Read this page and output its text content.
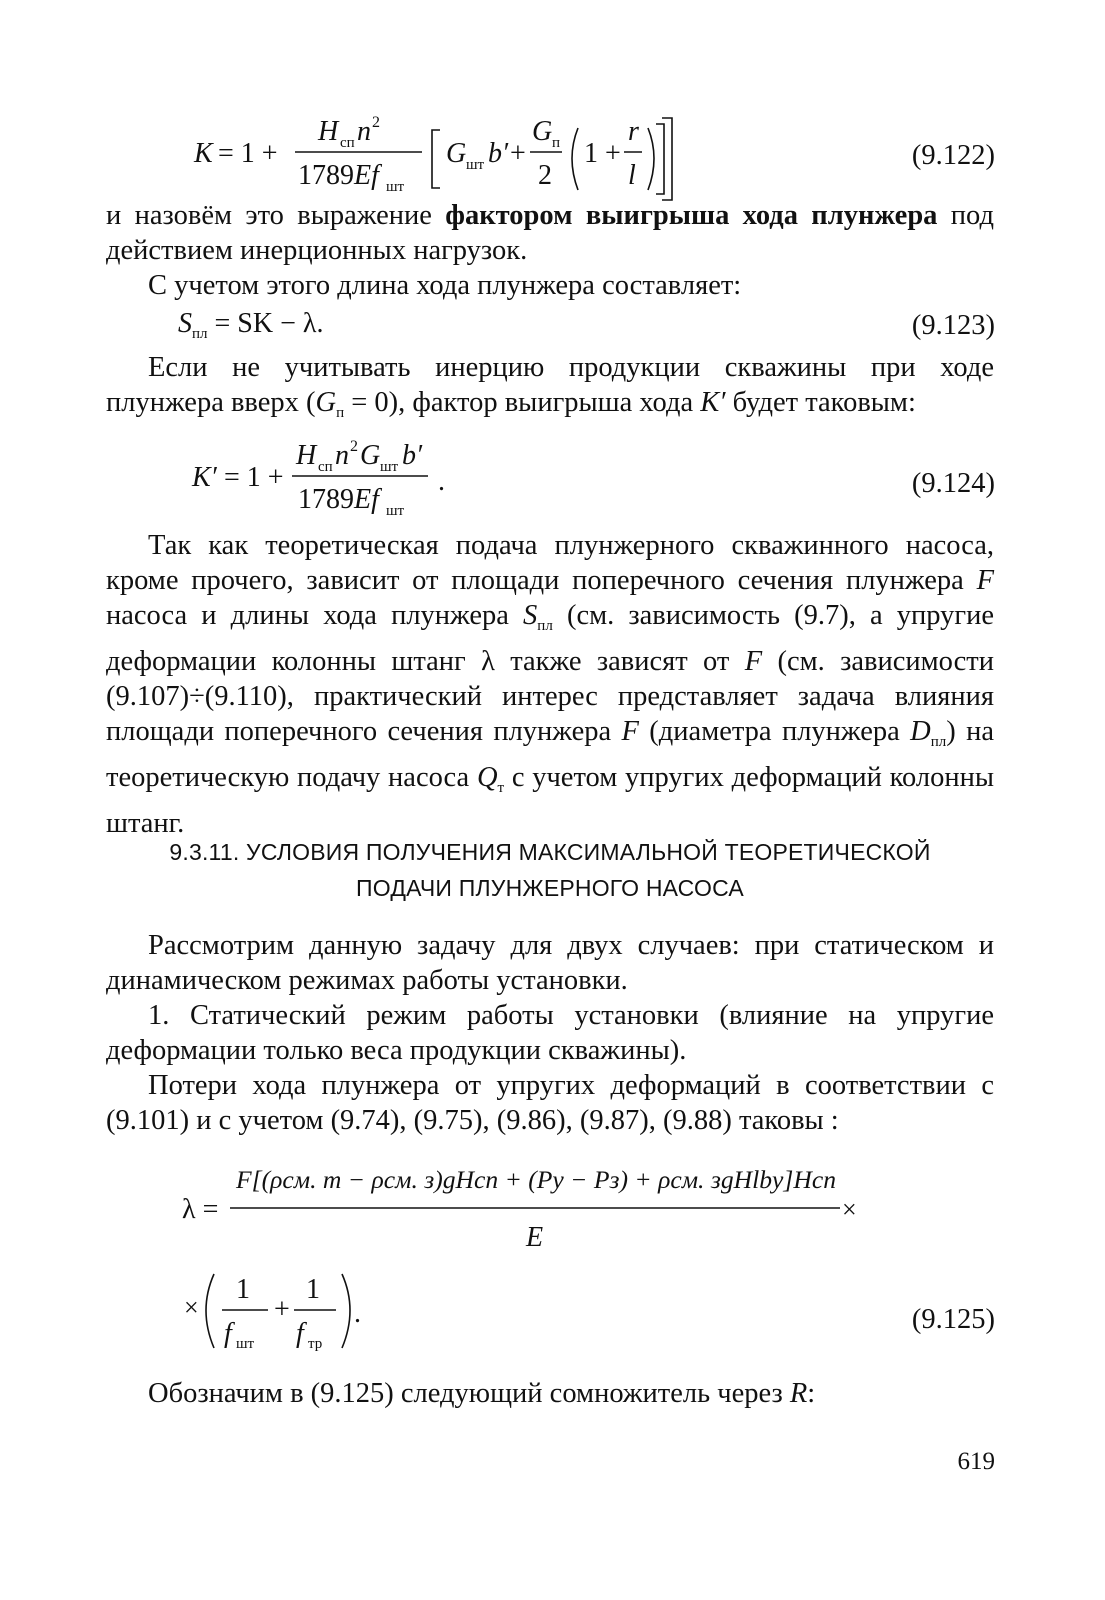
K = 1 +
H сп n 2
1789 Ef шт
G шт b′ +
G п
2
1 +
r
l
(9.122)

и назовём это выражение фактором выигрыша хода плунжера под действием инерционных нагрузок.

С учетом этого длина хода плунжера составляет:

$S_{пл}$ = SK − λ.	(9.123)

Если не учитывать инерцию продукции скважины при ходе плунжера вверх $(G_п = 0)$, фактор выигрыша хода K′ будет таковым:

K′ = 1 +
H сп n 2 G шт b′
1789 Ef шт
.	(9.124)

Так как теоретическая подача плунжерного скважинного насоса, кроме прочего, зависит от площади поперечного сечения плунжера F насоса и длины хода плунжера $S_{пл}$ (см. зависимость (9.7), а упругие деформации колонны штанг λ также зависят от F (см. зависимости (9.107)÷(9.110), практический интерес представляет задача влияния площади поперечного сечения плунжера F (диаметра плунжера $D_{пл}$) на теоретическую подачу насоса $Q_т$ с учетом упругих деформаций колонны штанг.

9.3.11. УСЛОВИЯ ПОЛУЧЕНИЯ МАКСИМАЛЬНОЙ ТЕОРЕТИЧЕСКОЙ
ПОДАЧИ ПЛУНЖЕРНОГО НАСОСА

Рассмотрим данную задачу для двух случаев: при статическом и динамическом режимах работы установки.

1. Статический режим работы установки (влияние на упругие деформации только веса продукции скважины).

Потери хода плунжера от упругих деформаций в соответствии с (9.101) и с учетом (9.74), (9.75), (9.86), (9.87), (9.88) таковы :

λ =
F[(ρсм. т − ρсм. з)gHсп + (Pу − Pз) + ρсм. зgHlby]Hсп
E
×
×
1
f шт
+
1
f тр
.	(9.125)

Обозначим в (9.125) следующий сомножитель через R:

619
